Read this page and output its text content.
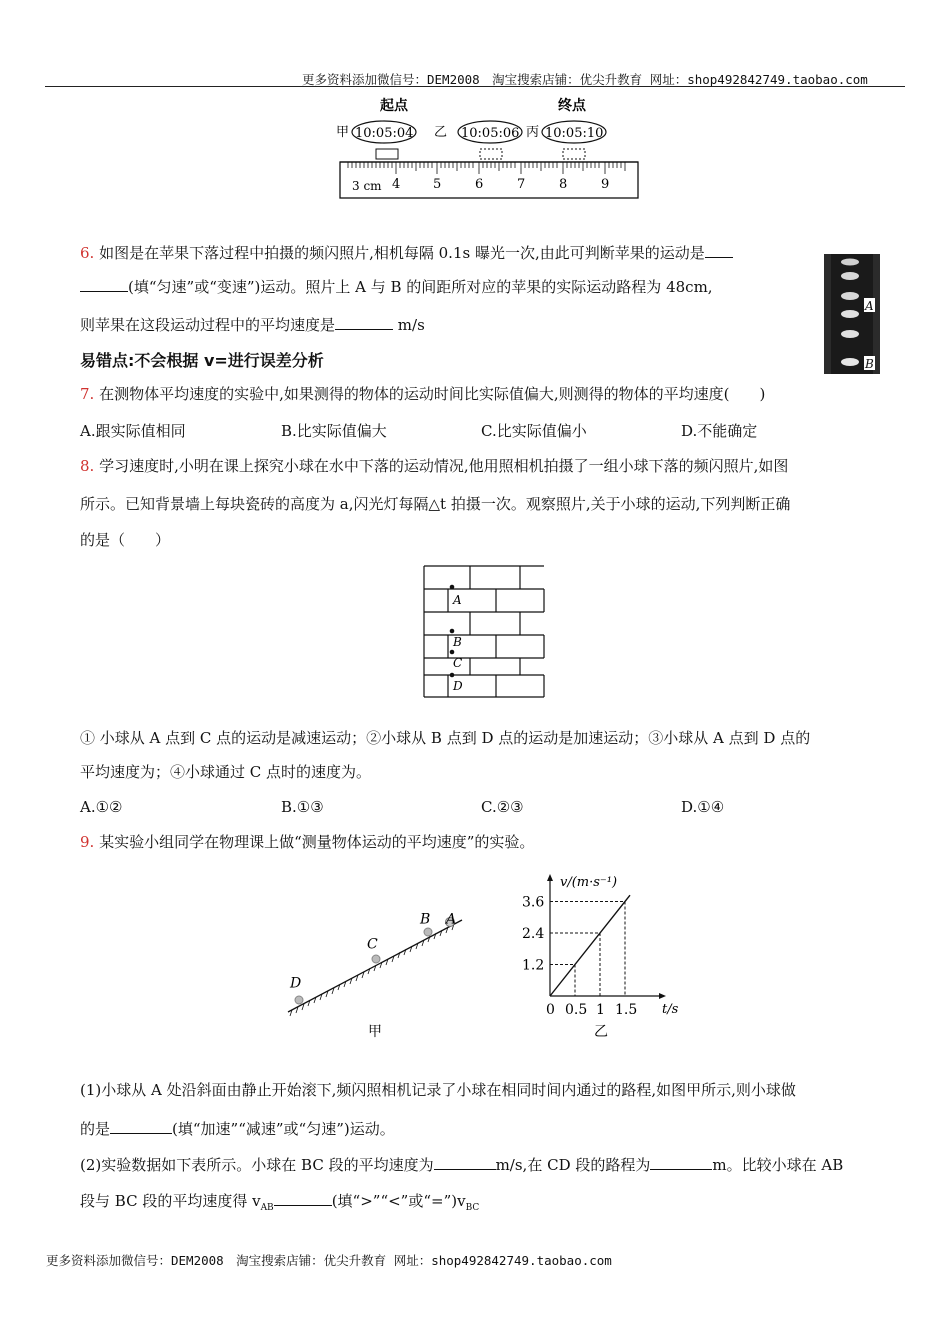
更多资料添加微信号：DEM2008　淘宝搜索店铺：优尖升教育 网址：shop492842749.taobao.com
起点	终点
甲 10:05:04 乙 10:05:06 丙 10:05:10
3 cm 4	5	6	7	8	9
6. 如图是在苹果下落过程中拍摄的频闪照片,相机每隔 0.1s 曝光一次,由此可判断苹果的运动是
(填“匀速”或“变速”)运动。照片上 A 与 B 的间距所对应的苹果的实际运动路程为 48cm,
则苹果在这段运动过程中的平均速度是	m/s
A
B
易错点:不会根据 v=进行误差分析
7. 在测物体平均速度的实验中,如果测得的物体的运动时间比实际值偏大,则测得的物体的平均速度(　　)
A.跟实际值相同	B.比实际值偏大	C.比实际值偏小	D.不能确定
8. 学习速度时,小明在课上探究小球在水中下落的运动情况,他用照相机拍摄了一组小球下落的频闪照片,如图
所示。已知背景墙上每块瓷砖的高度为 a,闪光灯每隔△t 拍摄一次。观察照片,关于小球的运动,下列判断正确
的是（　　）
A
B
C
D
① 小球从 A 点到 C 点的运动是减速运动；②小球从 B 点到 D 点的运动是加速运动；③小球从 A 点到 D 点的
平均速度为；④小球通过 C 点时的速度为。
A.①②	B.①③	C.②③	D.①④
9. 某实验小组同学在物理课上做“测量物体运动的平均速度”的实验。
A
B
C
D
甲
v/(m·s⁻¹)
t/s
0 0.5 1 1.5
1.2
2.4
3.6
乙
(1)小球从 A 处沿斜面由静止开始滚下,频闪照相机记录了小球在相同时间内通过的路程,如图甲所示,则小球做
的是	(填“加速”“减速”或“匀速”)运动。
(2)实验数据如下表所示。小球在 BC 段的平均速度为	m/s,在 CD 段的路程为	m。比较小球在 AB
段与 BC 段的平均速度得 $v_{AB}$	(填“>”“<”或“$=”)v_{BC}$
更多资料添加微信号：DEM2008　淘宝搜索店铺：优尖升教育 网址：shop492842749.taobao.com
